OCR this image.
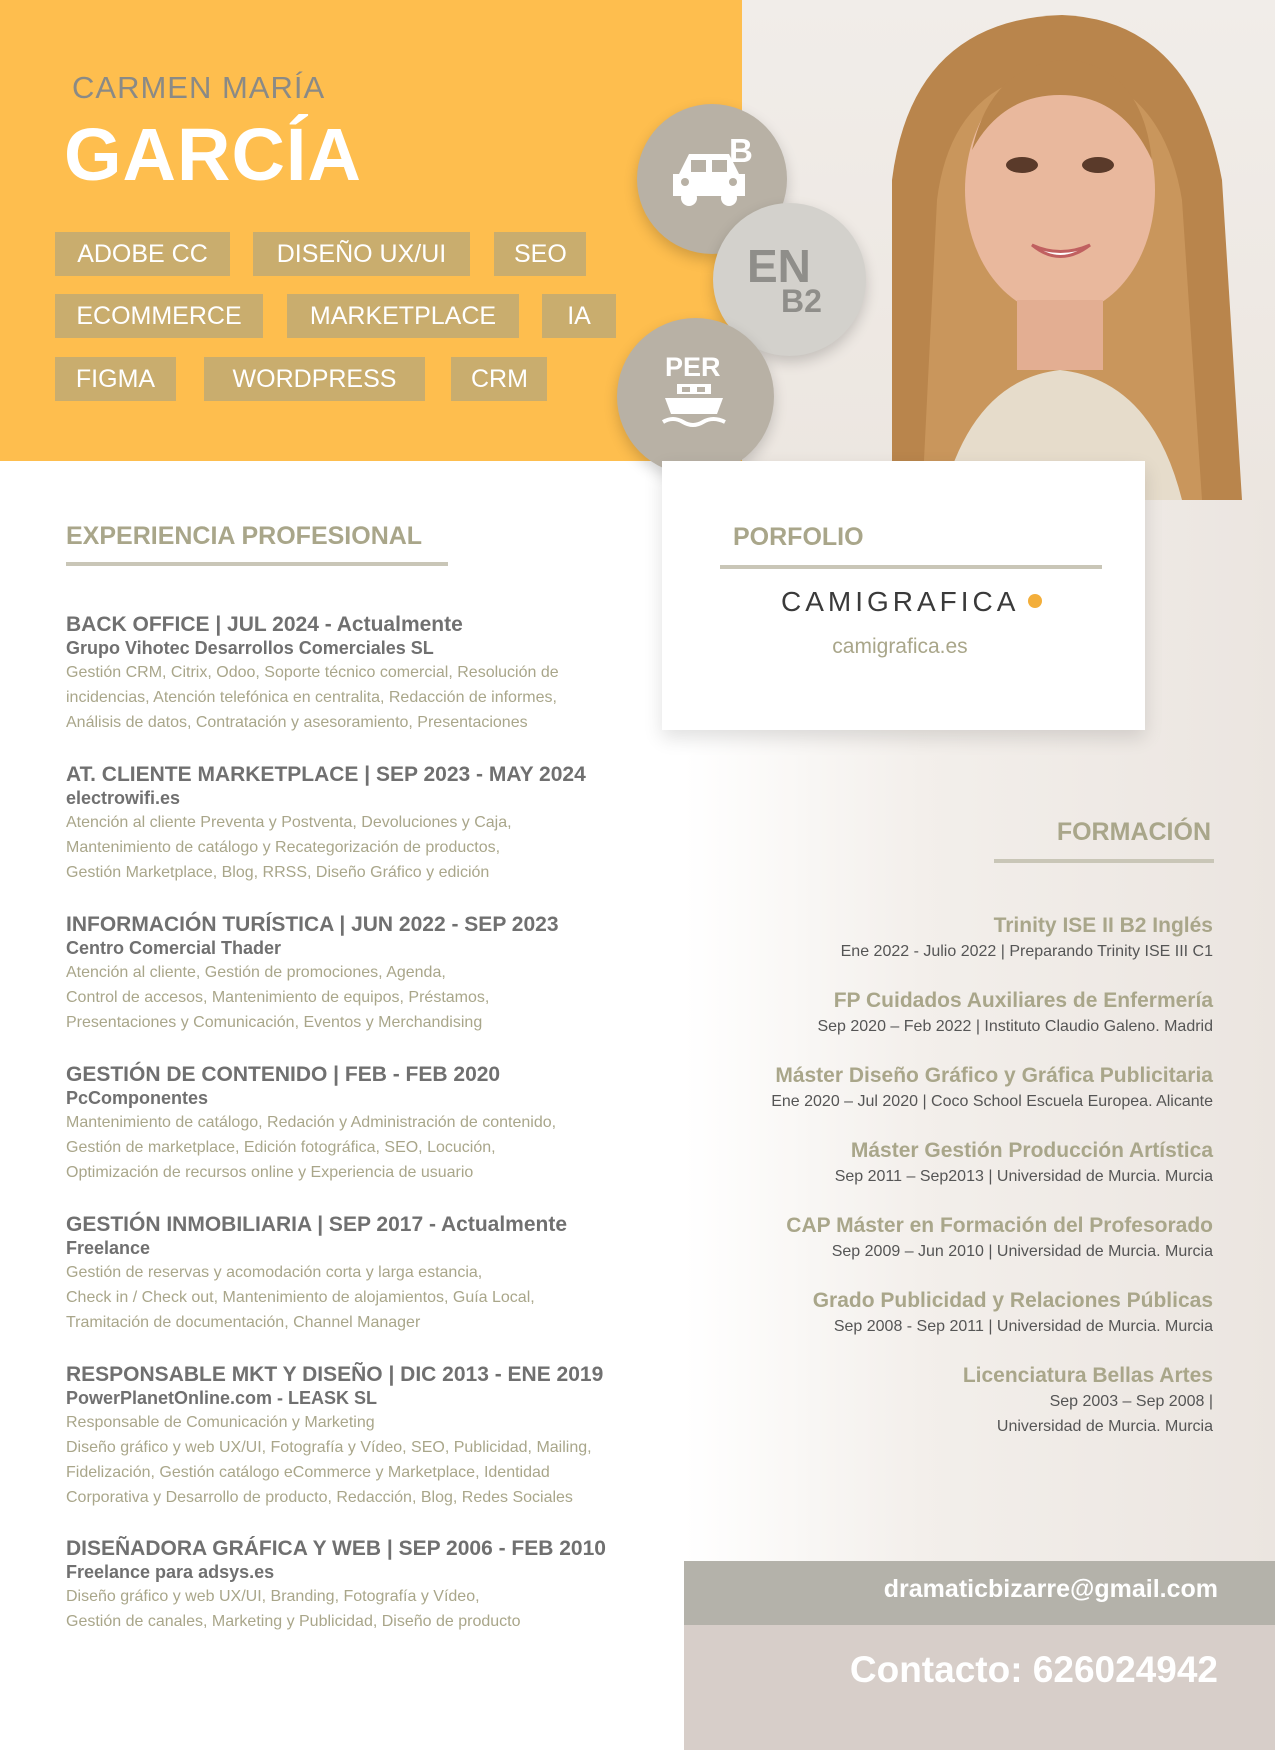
CARMEN MARÍA
GARCÍA
ADOBE CC	DISEÑO UX/UI	SEO
ECOMMERCE	MARKETPLACE	IA
FIGMA	WORDPRESS	CRM
B
EN
B2
PER
EXPERIENCIA PROFESIONAL
BACK OFFICE | JUL 2024 - Actualmente
Grupo Vihotec Desarrollos Comerciales SL
Gestión CRM, Citrix, Odoo, Soporte técnico comercial, Resolución de
incidencias, Atención telefónica en centralita, Redacción de informes,
Análisis de datos, Contratación y asesoramiento, Presentaciones
AT. CLIENTE MARKETPLACE | SEP 2023 - MAY 2024
electrowifi.es
Atención al cliente Preventa y Postventa, Devoluciones y Caja,
Mantenimiento de catálogo y Recategorización de productos,
Gestión Marketplace, Blog, RRSS, Diseño Gráfico y edición
INFORMACIÓN TURÍSTICA | JUN 2022 - SEP 2023
Centro Comercial Thader
Atención al cliente, Gestión de promociones, Agenda,
Control de accesos, Mantenimiento de equipos, Préstamos,
Presentaciones y Comunicación, Eventos y Merchandising
GESTIÓN DE CONTENIDO | FEB - FEB 2020
PcComponentes
Mantenimiento de catálogo, Redación y Administración de contenido,
Gestión de marketplace, Edición fotográfica, SEO, Locución,
Optimización de recursos online y Experiencia de usuario
GESTIÓN INMOBILIARIA | SEP 2017 - Actualmente
Freelance
Gestión de reservas y acomodación corta y larga estancia,
Check in / Check out, Mantenimiento de alojamientos, Guía Local,
Tramitación de documentación, Channel Manager
RESPONSABLE MKT Y DISEÑO | DIC 2013 - ENE 2019
PowerPlanetOnline.com - LEASK SL
Responsable de Comunicación y Marketing
Diseño gráfico y web UX/UI, Fotografía y Vídeo, SEO, Publicidad, Mailing,
Fidelización, Gestión catálogo eCommerce y Marketplace, Identidad
Corporativa y Desarrollo de producto, Redacción, Blog, Redes Sociales
DISEÑADORA GRÁFICA Y WEB | SEP 2006 - FEB 2010
Freelance para adsys.es
Diseño gráfico y web UX/UI, Branding, Fotografía y Vídeo,
Gestión de canales, Marketing y Publicidad, Diseño de producto
PORFOLIO
CAMIGRAFICA
camigrafica.es
FORMACIÓN
Trinity ISE II B2 Inglés
Ene 2022 - Julio 2022 | Preparando Trinity ISE III C1
FP Cuidados Auxiliares de Enfermería
Sep 2020 – Feb 2022 | Instituto Claudio Galeno. Madrid
Máster Diseño Gráfico y Gráfica Publicitaria
Ene 2020 – Jul 2020 | Coco School Escuela Europea. Alicante
Máster Gestión Producción Artística
Sep 2011 – Sep2013 | Universidad de Murcia. Murcia
CAP Máster en Formación del Profesorado
Sep 2009 – Jun 2010 | Universidad de Murcia. Murcia
Grado Publicidad y Relaciones Públicas
Sep 2008 - Sep 2011 | Universidad de Murcia. Murcia
Licenciatura Bellas Artes
Sep 2003 – Sep 2008 |
Universidad de Murcia. Murcia
dramaticbizarre@gmail.com
Contacto: 626024942
